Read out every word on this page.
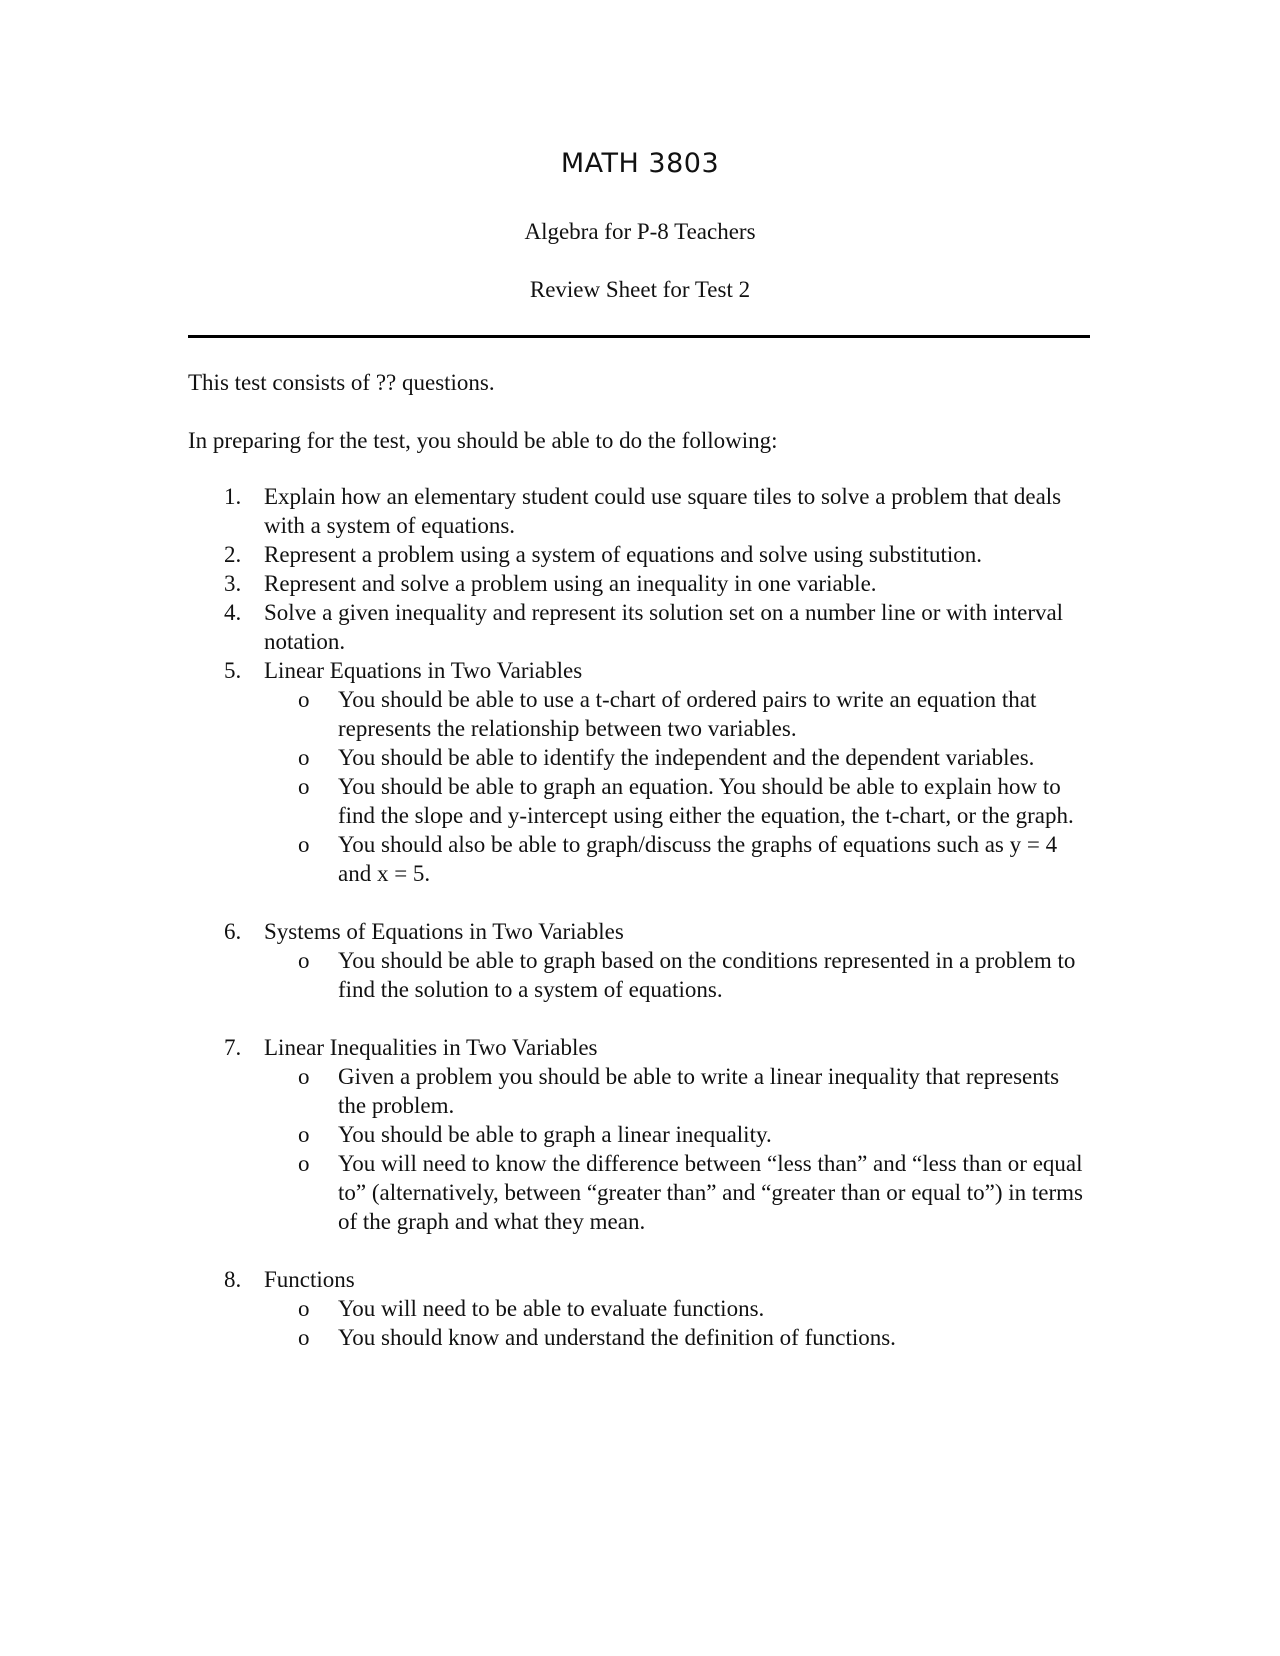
MATH 3803
Algebra for P-8 Teachers
Review Sheet for Test 2
This test consists of ?? questions.
In preparing for the test, you should be able to do the following:
1. Explain how an elementary student could use square tiles to solve a problem that deals with a system of equations.
2. Represent a problem using a system of equations and solve using substitution.
3. Represent and solve a problem using an inequality in one variable.
4. Solve a given inequality and represent its solution set on a number line or with interval notation.
5. Linear Equations in Two Variables
o You should be able to use a t-chart of ordered pairs to write an equation that represents the relationship between two variables.
o You should be able to identify the independent and the dependent variables.
o You should be able to graph an equation. You should be able to explain how to find the slope and y-intercept using either the equation, the t-chart, or the graph.
o You should also be able to graph/discuss the graphs of equations such as y = 4 and x = 5.
6. Systems of Equations in Two Variables
o You should be able to graph based on the conditions represented in a problem to find the solution to a system of equations.
7. Linear Inequalities in Two Variables
o Given a problem you should be able to write a linear inequality that represents the problem.
o You should be able to graph a linear inequality.
o You will need to know the difference between “less than” and “less than or equal to” (alternatively, between “greater than” and “greater than or equal to”) in terms of the graph and what they mean.
8. Functions
o You will need to be able to evaluate functions.
o You should know and understand the definition of functions.
